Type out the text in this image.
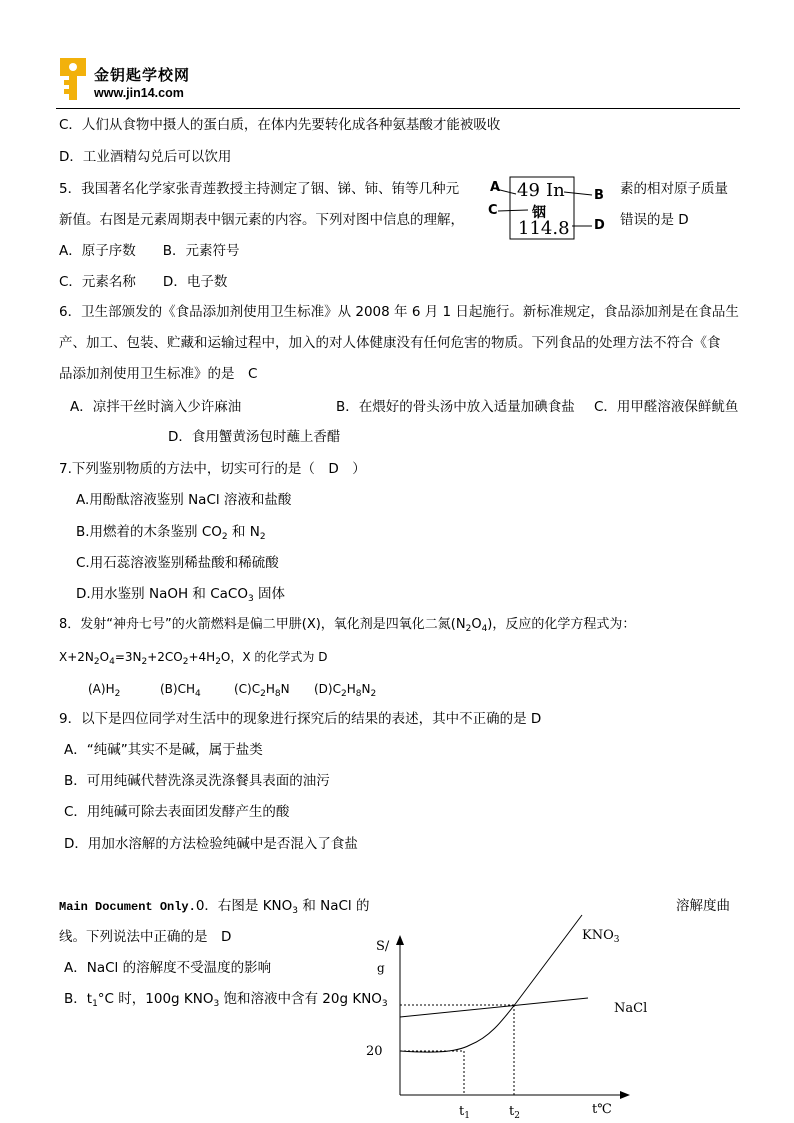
金钥匙学校网
www.jin14.com
C．人们从食物中摄人的蛋白质，在体内先要转化成各种氨基酸才能被吸收
D．工业酒精勾兑后可以饮用
5．我国著名化学家张青莲教授主持测定了铟、锑、铈、铕等几种元	素的相对原子质量
新值。右图是元素周期表中铟元素的内容。下列对图中信息的理解，	错误的是 D
49 In
铟
114.8
A
B
C
D
A．原子序数　　B．元素符号
C．元素名称　　D．电子数
6．卫生部颁发的《食品添加剂使用卫生标准》从 2008 年 6 月 1 日起施行。新标准规定，食品添加剂是在食品生
产、加工、包装、贮藏和运输过程中，加入的对人体健康没有任何危害的物质。下列食品的处理方法不符合《食
品添加剂使用卫生标准》的是　C
A．凉拌干丝时滴入少许麻油	B．在煨好的骨头汤中放入适量加碘食盐 C．用甲醛溶液保鲜鱿鱼
D．食用蟹黄汤包时蘸上香醋
7.下列鉴别物质的方法中，切实可行的是（　D　）
A.用酚酞溶液鉴别 NaCl 溶液和盐酸
B.用燃着的木条鉴别 $CO_2$ 和 $N_2$
C.用石蕊溶液鉴别稀盐酸和稀硫酸
D.用水鉴别 NaOH 和 CaCO$_3$ 固体
8．发射“神舟七号”的火箭燃料是偏二甲肼(X)，氧化剂是四氧化二氮$(N_2O_4)$，反应的化学方程式为：
$X+2N_2O_4=3N_2+2CO_2+4H_2O$，X 的化学式为 D
$(A)H_2$	$(B)CH_4$	$(C)C_2H_8N$ $(D)C_2H_8N_2$
9．以下是四位同学对生活中的现象进行探究后的结果的表述，其中不正确的是 D
A．“纯碱”其实不是碱，属于盐类
B．可用纯碱代替洗涤灵洗涤餐具表面的油污
C．用纯碱可除去表面团发酵产生的酸
D．用加水溶解的方法检验纯碱中是否混入了食盐
Main Document Only.0．右图是 $KNO_3$ 和 NaCl 的	溶解度曲
线。下列说法中正确的是　D
A．NaCl 的溶解度不受温度的影响
B．$t_1^\circ C$ 时，100g $KNO_3$ 饱和溶液中含有 20g $KNO_3$
S/
g
20
$KNO_3$
NaCl
$t_1$	$t_2$	t℃
